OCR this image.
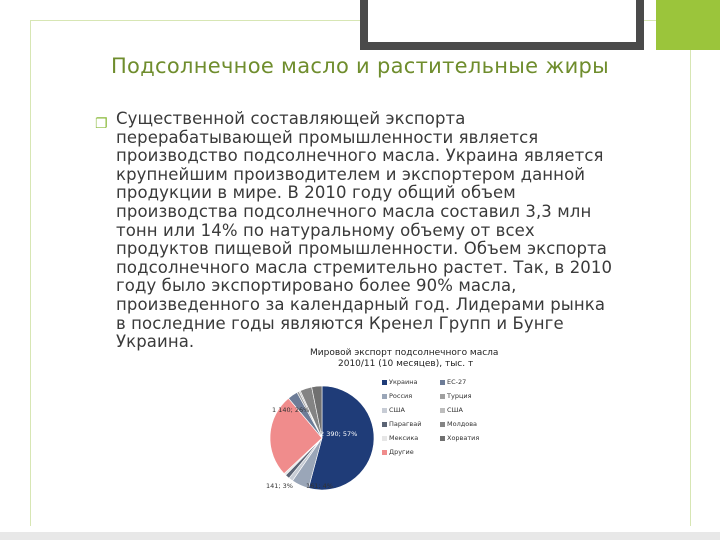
Подсолнечное масло и растительные жиры
❐ Существенной составляющей экспорта перерабатывающей промышленности является производство подсолнечного масла. Украина является крупнейшим производителем и экспортером данной продукции в мире. В 2010 году общий объем производства подсолнечного масла составил 3,3 млн тонн или 14% по натуральному объему от всех продуктов пищевой промышленности. Объем экспорта подсолнечного масла стремительно растет. Так, в 2010 году было экспортировано более 90% масла, произведенного за календарный год. Лидерами рынка в последние годы являются Кренел Групп и Бунге Украина.

Мировой экспорт подсолнечного масла
2010/11 (10 месяцев), тыс. т
Украина
Россия
США
Парагвай
Мексика
Другие
ЕС-27
Турция
США
Молдова
Хорватия
1 140; 26%
2 390; 57%
141; 3% 161; 4%
